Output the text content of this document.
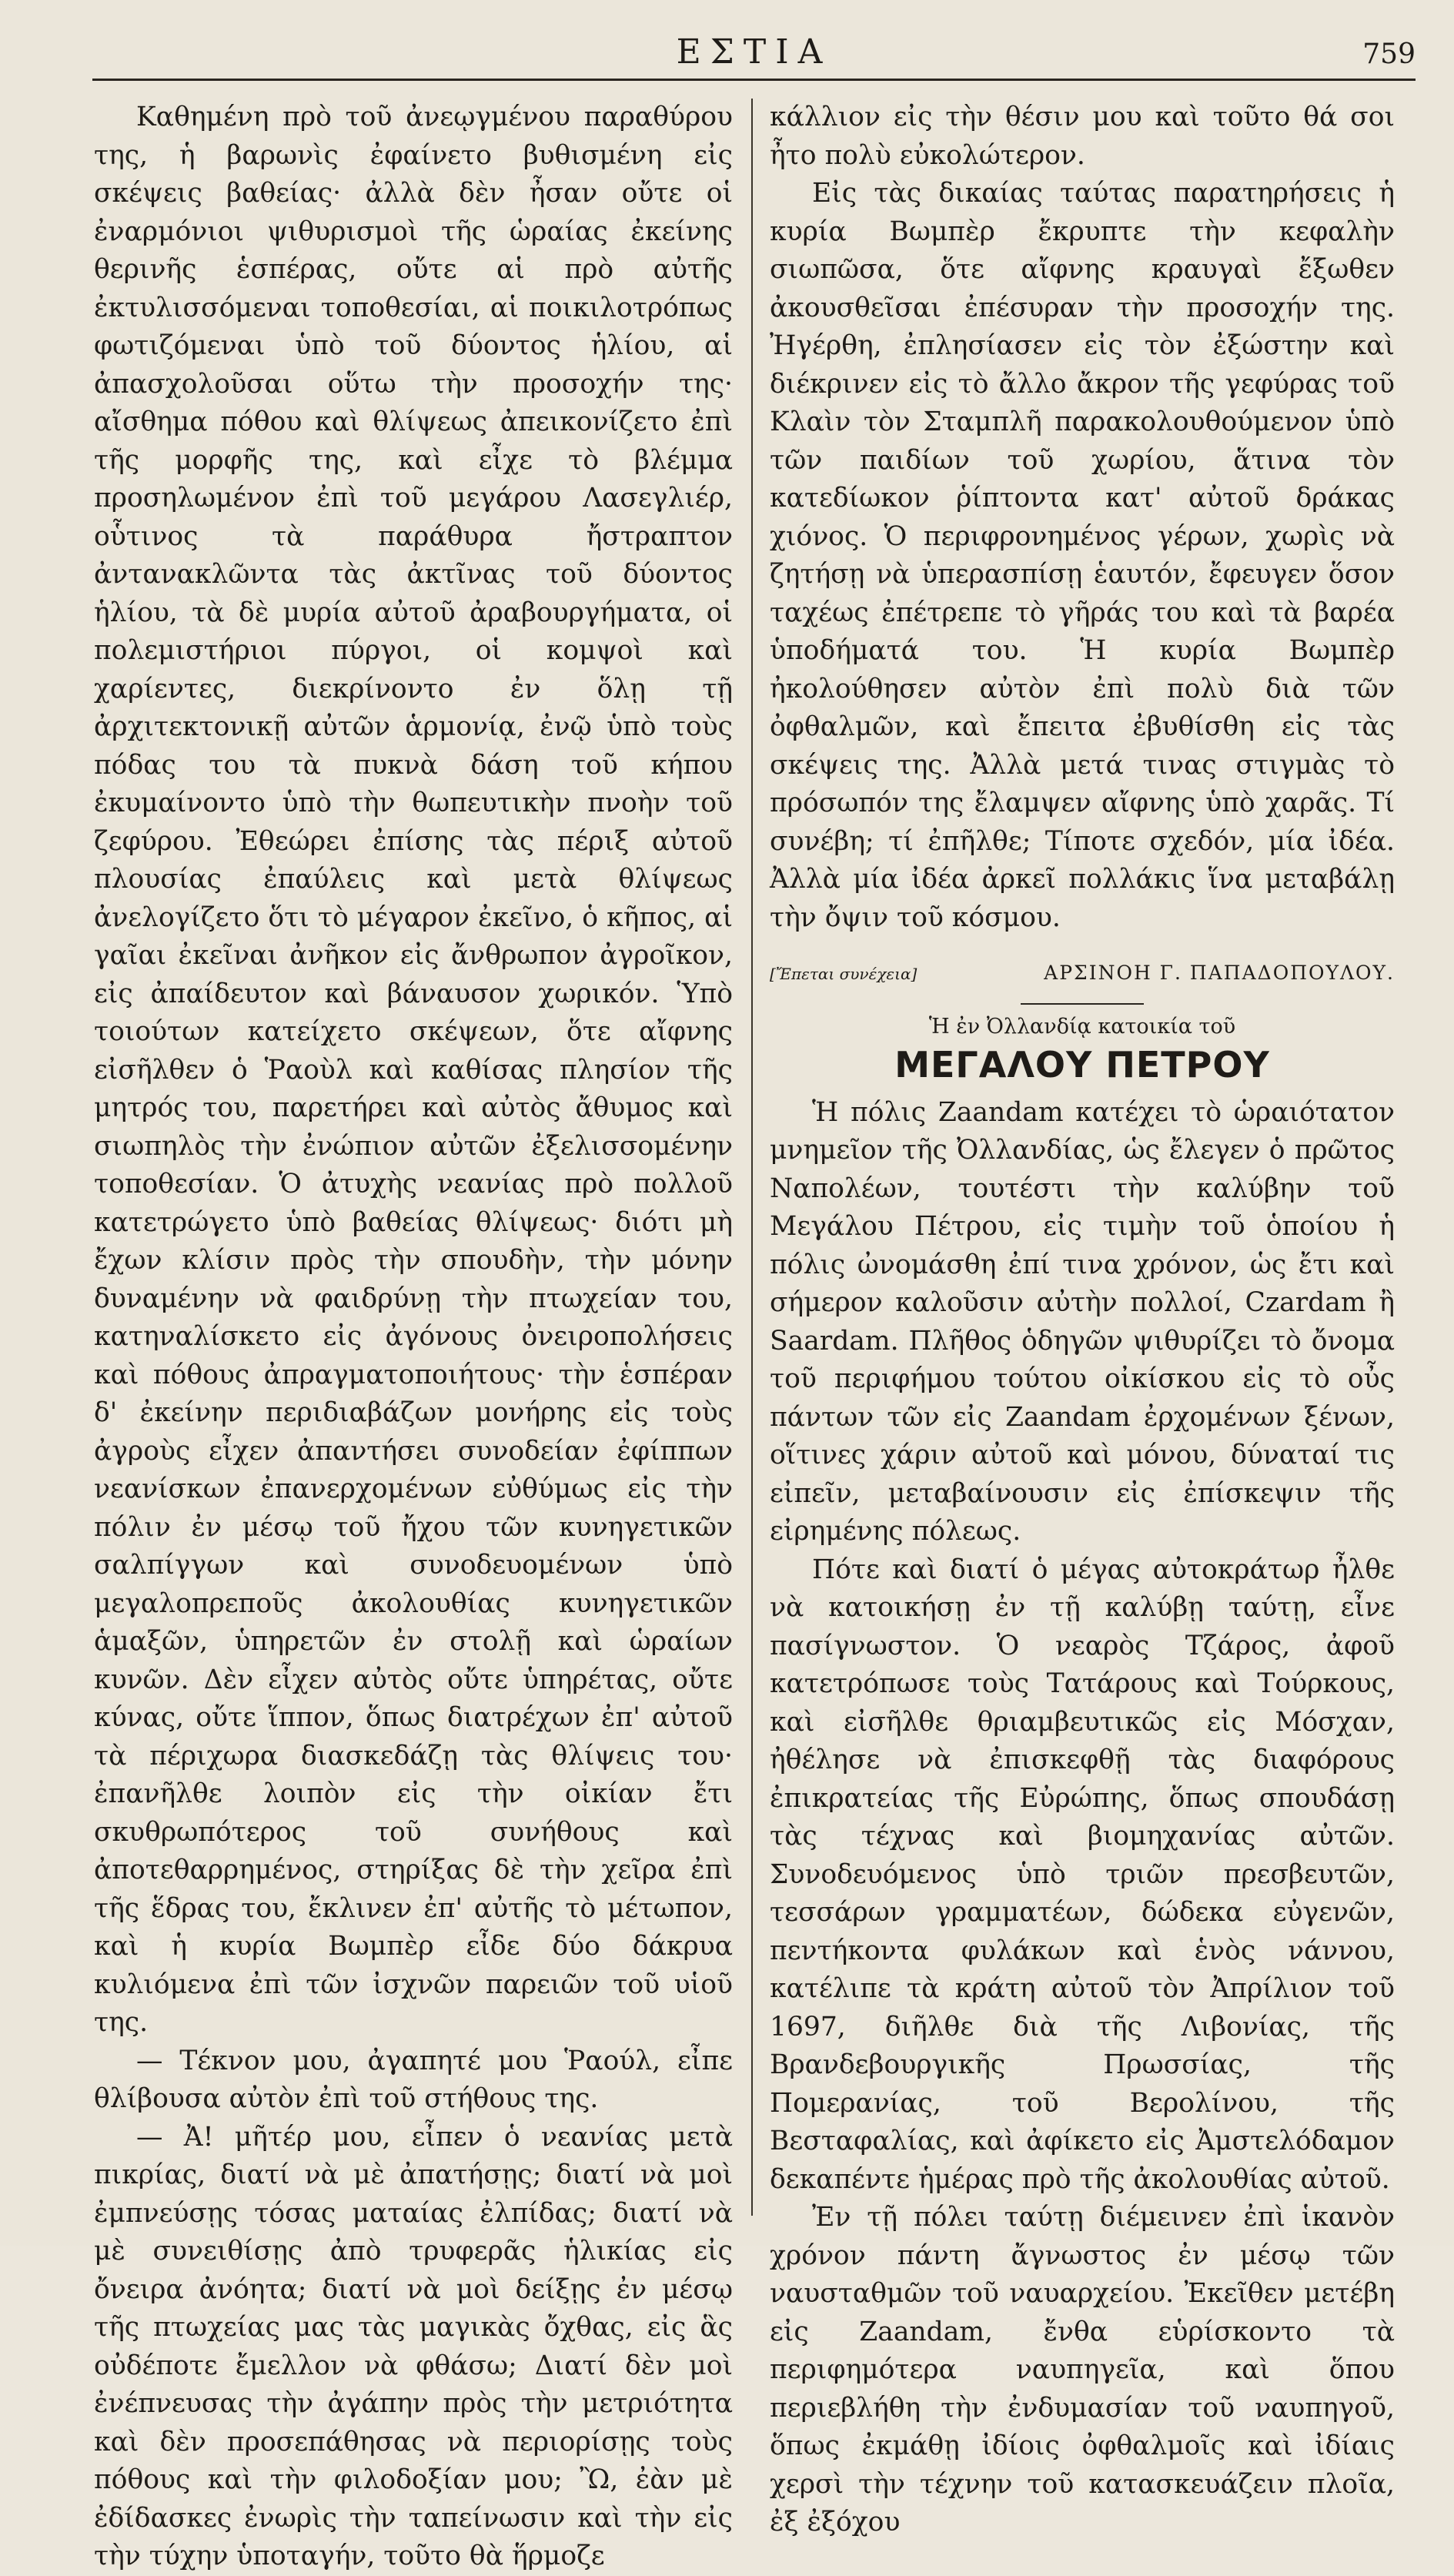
ΕΣΤΙΑ	759

Καθημένη πρὸ τοῦ ἀνεῳγμένου παραθύρου της, ἡ βαρωνὶς ἐφαίνετο βυθισμένη εἰς σκέψεις βαθείας· ἀλλὰ δὲν ἦσαν οὔτε οἱ ἐναρμόνιοι ψιθυρισμοὶ τῆς ὡραίας ἐκείνης θερινῆς ἑσπέρας, οὔτε αἱ πρὸ αὐτῆς ἐκτυλισσόμεναι τοποθεσίαι, αἱ ποικιλοτρόπως φωτιζόμεναι ὑπὸ τοῦ δύοντος ἡλίου, αἱ ἀπασχολοῦσαι οὕτω τὴν προσοχήν της· αἴσθημα πόθου καὶ θλίψεως ἀπεικονίζετο ἐπὶ τῆς μορφῆς της, καὶ εἶχε τὸ βλέμμα προσηλωμένον ἐπὶ τοῦ μεγάρου Λασεγλιέρ, οὗτινος τὰ παράθυρα ἤστραπτον ἀντανακλῶντα τὰς ἀκτῖνας τοῦ δύοντος ἡλίου, τὰ δὲ μυρία αὐτοῦ ἀραβουργήματα, οἱ πολεμιστήριοι πύργοι, οἱ κομψοὶ καὶ χαρίεντες, διεκρίνοντο ἐν ὅλῃ τῇ ἀρχιτεκτονικῇ αὐτῶν ἁρμονίᾳ, ἐνῷ ὑπὸ τοὺς πόδας του τὰ πυκνὰ δάση τοῦ κήπου ἐκυμαίνοντο ὑπὸ τὴν θωπευτικὴν πνοὴν τοῦ ζεφύρου. Ἐθεώρει ἐπίσης τὰς πέριξ αὐτοῦ πλουσίας ἐπαύλεις καὶ μετὰ θλίψεως ἀνελογίζετο ὅτι τὸ μέγαρον ἐκεῖνο, ὁ κῆπος, αἱ γαῖαι ἐκεῖναι ἀνῆκον εἰς ἄνθρωπον ἀγροῖκον, εἰς ἀπαίδευτον καὶ βάναυσον χωρικόν. Ὑπὸ τοιούτων κατείχετο σκέψεων, ὅτε αἴφνης εἰσῆλθεν ὁ Ῥαοὺλ καὶ καθίσας πλησίον τῆς μητρός του, παρετήρει καὶ αὐτὸς ἄθυμος καὶ σιωπηλὸς τὴν ἐνώπιον αὐτῶν ἐξελισσομένην τοποθεσίαν. Ὁ ἀτυχὴς νεανίας πρὸ πολλοῦ κατετρώγετο ὑπὸ βαθείας θλίψεως· διότι μὴ ἔχων κλίσιν πρὸς τὴν σπουδὴν, τὴν μόνην δυναμένην νὰ φαιδρύνῃ τὴν πτωχείαν του, κατηναλίσκετο εἰς ἀγόνους ὀνειροπολήσεις καὶ πόθους ἀπραγματοποιήτους· τὴν ἑσπέραν δ' ἐκείνην περιδιαβάζων μονήρης εἰς τοὺς ἀγροὺς εἶχεν ἀπαντήσει συνοδείαν ἐφίππων νεανίσκων ἐπανερχομένων εὐθύμως εἰς τὴν πόλιν ἐν μέσῳ τοῦ ἤχου τῶν κυνηγετικῶν σαλπίγγων καὶ συνοδευομένων ὑπὸ μεγαλοπρεποῦς ἀκολουθίας κυνηγετικῶν ἁμαξῶν, ὑπηρετῶν ἐν στολῇ καὶ ὡραίων κυνῶν. Δὲν εἶχεν αὐτὸς οὔτε ὑπηρέτας, οὔτε κύνας, οὔτε ἵππον, ὅπως διατρέχων ἐπ' αὐτοῦ τὰ πέριχωρα διασκεδάζῃ τὰς θλίψεις του· ἐπανῆλθε λοιπὸν εἰς τὴν οἰκίαν ἔτι σκυθρωπότερος τοῦ συνήθους καὶ ἀποτεθαρρημένος, στηρίξας δὲ τὴν χεῖρα ἐπὶ τῆς ἕδρας του, ἔκλινεν ἐπ' αὐτῆς τὸ μέτωπον, καὶ ἡ κυρία Βωμπὲρ εἶδε δύο δάκρυα κυλιόμενα ἐπὶ τῶν ἰσχνῶν παρειῶν τοῦ υἱοῦ της.

— Τέκνον μου, ἀγαπητέ μου Ῥαούλ, εἶπε θλίβουσα αὐτὸν ἐπὶ τοῦ στήθους της.

— Ἀ! μῆτέρ μου, εἶπεν ὁ νεανίας μετὰ πικρίας, διατί νὰ μὲ ἀπατήσῃς; διατί νὰ μοὶ ἐμπνεύσῃς τόσας ματαίας ἐλπίδας; διατί νὰ μὲ συνειθίσῃς ἀπὸ τρυφερᾶς ἡλικίας εἰς ὄνειρα ἀνόητα; διατί νὰ μοὶ δείξῃς ἐν μέσῳ τῆς πτωχείας μας τὰς μαγικὰς ὄχθας, εἰς ἃς οὐδέποτε ἔμελλον νὰ φθάσω; Διατί δὲν μοὶ ἐνέπνευσας τὴν ἀγάπην πρὸς τὴν μετριότητα καὶ δὲν προσεπάθησας νὰ περιορίσῃς τοὺς πόθους καὶ τὴν φιλοδοξίαν μου; Ὢ, ἐὰν μὲ ἐδίδασκες ἐνωρὶς τὴν ταπείνωσιν καὶ τὴν εἰς τὴν τύχην ὑποταγήν, τοῦτο θὰ ἥρμοζε

κάλλιον εἰς τὴν θέσιν μου καὶ τοῦτο θά σοι ἦτο πολὺ εὐκολώτερον.

Εἰς τὰς δικαίας ταύτας παρατηρήσεις ἡ κυρία Βωμπὲρ ἔκρυπτε τὴν κεφαλὴν σιωπῶσα, ὅτε αἴφνης κραυγαὶ ἔξωθεν ἀκουσθεῖσαι ἐπέσυραν τὴν προσοχήν της. Ἠγέρθη, ἐπλησίασεν εἰς τὸν ἐξώστην καὶ διέκρινεν εἰς τὸ ἄλλο ἄκρον τῆς γεφύρας τοῦ Κλαὶν τὸν Σταμπλῆ παρακολουθούμενον ὑπὸ τῶν παιδίων τοῦ χωρίου, ἅτινα τὸν κατεδίωκον ῥίπτοντα κατ' αὐτοῦ δράκας χιόνος. Ὁ περιφρονημένος γέρων, χωρὶς νὰ ζητήσῃ νὰ ὑπερασπίσῃ ἑαυτόν, ἔφευγεν ὅσον ταχέως ἐπέτρεπε τὸ γῆράς του καὶ τὰ βαρέα ὑποδήματά του. Ἡ κυρία Βωμπὲρ ἠκολούθησεν αὐτὸν ἐπὶ πολὺ διὰ τῶν ὀφθαλμῶν, καὶ ἔπειτα ἐβυθίσθη εἰς τὰς σκέψεις της. Ἀλλὰ μετά τινας στιγμὰς τὸ πρόσωπόν της ἔλαμψεν αἴφνης ὑπὸ χαρᾶς. Τί συνέβη; τί ἐπῆλθε; Τίποτε σχεδόν, μία ἰδέα. Ἀλλὰ μία ἰδέα ἀρκεῖ πολλάκις ἵνα μεταβάλῃ τὴν ὄψιν τοῦ κόσμου.

[Ἔπεται συνέχεια]	ΑΡΣΙΝΟΗ Γ. ΠΑΠΑΔΟΠΟΥΛΟΥ.
Ἡ ἐν Ὀλλανδίᾳ κατοικία τοῦ
ΜΕΓΑΛΟΥ ΠΕΤΡΟΥ

Ἡ πόλις Zaandam κατέχει τὸ ὡραιότατον μνημεῖον τῆς Ὀλλανδίας, ὡς ἔλεγεν ὁ πρῶτος Ναπολέων, τουτέστι τὴν καλύβην τοῦ Μεγάλου Πέτρου, εἰς τιμὴν τοῦ ὁποίου ἡ πόλις ὠνομάσθη ἐπί τινα χρόνον, ὡς ἔτι καὶ σήμερον καλοῦσιν αὐτὴν πολλοί, Czardam ἢ Saardam. Πλῆθος ὁδηγῶν ψιθυρίζει τὸ ὄνομα τοῦ περιφήμου τούτου οἰκίσκου εἰς τὸ οὖς πάντων τῶν εἰς Zaandam ἐρχομένων ξένων, οἵτινες χάριν αὐτοῦ καὶ μόνου, δύναταί τις εἰπεῖν, μεταβαίνουσιν εἰς ἐπίσκεψιν τῆς εἰρημένης πόλεως.

Πότε καὶ διατί ὁ μέγας αὐτοκράτωρ ἦλθε νὰ κατοικήσῃ ἐν τῇ καλύβῃ ταύτῃ, εἶνε πασίγνωστον. Ὁ νεαρὸς Τζάρος, ἀφοῦ κατετρόπωσε τοὺς Τατάρους καὶ Τούρκους, καὶ εἰσῆλθε θριαμβευτικῶς εἰς Μόσχαν, ἠθέλησε νὰ ἐπισκεφθῇ τὰς διαφόρους ἐπικρατείας τῆς Εὐρώπης, ὅπως σπουδάσῃ τὰς τέχνας καὶ βιομηχανίας αὐτῶν. Συνοδευόμενος ὑπὸ τριῶν πρεσβευτῶν, τεσσάρων γραμματέων, δώδεκα εὐγενῶν, πεντήκοντα φυλάκων καὶ ἑνὸς νάννου, κατέλιπε τὰ κράτη αὐτοῦ τὸν Ἀπρίλιον τοῦ 1697, διῆλθε διὰ τῆς Λιβονίας, τῆς Βρανδεβουργικῆς Πρωσσίας, τῆς Πομερανίας, τοῦ Βερολίνου, τῆς Βεσταφαλίας, καὶ ἀφίκετο εἰς Ἀμστελόδαμον δεκαπέντε ἡμέρας πρὸ τῆς ἀκολουθίας αὐτοῦ.

Ἐν τῇ πόλει ταύτῃ διέμεινεν ἐπὶ ἱκανὸν χρόνον πάντη ἄγνωστος ἐν μέσῳ τῶν ναυσταθμῶν τοῦ ναυαρχείου. Ἐκεῖθεν μετέβη εἰς Zaandam, ἔνθα εὑρίσκοντο τὰ περιφημότερα ναυπηγεῖα, καὶ ὅπου περιεβλήθη τὴν ἐνδυμασίαν τοῦ ναυπηγοῦ, ὅπως ἐκμάθῃ ἰδίοις ὀφθαλμοῖς καὶ ἰδίαις χερσὶ τὴν τέχνην τοῦ κατασκευάζειν πλοῖα, ἐξ ἐξόχου
